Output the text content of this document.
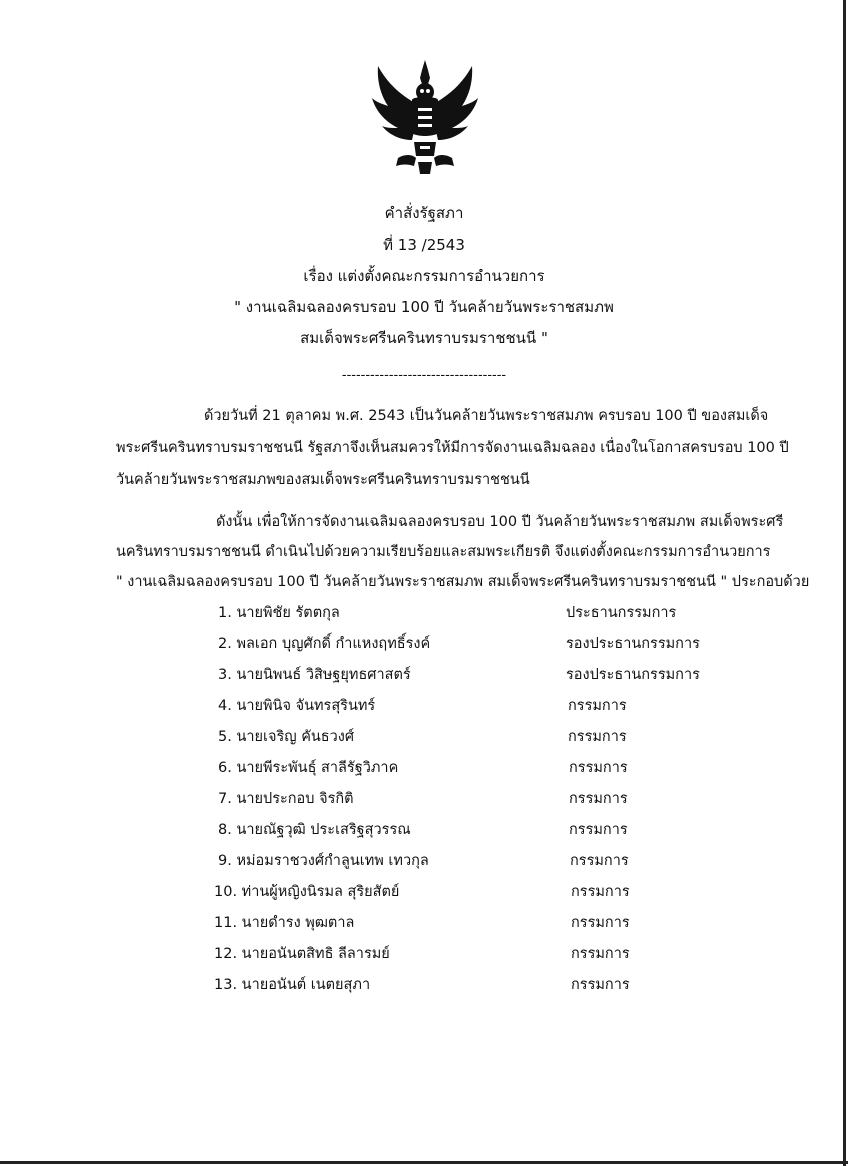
คำสั่งรัฐสภา
ที่ 13 /2543
เรื่อง แต่งตั้งคณะกรรมการอำนวยการ
" งานเฉลิมฉลองครบรอบ 100 ปี วันคล้ายวันพระราชสมภพ
สมเด็จพระศรีนครินทราบรมราชชนนี "
-----------------------------------
ด้วยวันที่ 21 ตุลาคม พ.ศ. 2543 เป็นวันคล้ายวันพระราชสมภพ ครบรอบ 100 ปี ของสมเด็จ
พระศรีนครินทราบรมราชชนนี รัฐสภาจึงเห็นสมควรให้มีการจัดงานเฉลิมฉลอง เนื่องในโอกาสครบรอบ 100 ปี
วันคล้ายวันพระราชสมภพของสมเด็จพระศรีนครินทราบรมราชชนนี
ดังนั้น เพื่อให้การจัดงานเฉลิมฉลองครบรอบ 100 ปี วันคล้ายวันพระราชสมภพ สมเด็จพระศรี
นครินทราบรมราชชนนี ดำเนินไปด้วยความเรียบร้อยและสมพระเกียรติ จึงแต่งตั้งคณะกรรมการอำนวยการ
" งานเฉลิมฉลองครบรอบ 100 ปี วันคล้ายวันพระราชสมภพ สมเด็จพระศรีนครินทราบรมราชชนนี " ประกอบด้วย
1. นายพิชัย รัตตกุล	ประธานกรรมการ
2. พลเอก บุญศักดิ์ กำแหงฤทธิ์รงค์	รองประธานกรรมการ
3. นายนิพนธ์ วิสิษฐยุทธศาสตร์	รองประธานกรรมการ
4. นายพินิจ จันทรสุรินทร์	กรรมการ
5. นายเจริญ คันธวงศ์	กรรมการ
6. นายพีระพันธุ์ สาลีรัฐวิภาค	กรรมการ
7. นายประกอบ จิรกิติ	กรรมการ
8. นายณัฐวุฒิ ประเสริฐสุวรรณ	กรรมการ
9. หม่อมราชวงศ์กำลูนเทพ เทวกุล	กรรมการ
10. ท่านผู้หญิงนิรมล สุริยสัตย์	กรรมการ
11. นายดำรง พุฒตาล	กรรมการ
12. นายอนันตสิทธิ ลีลารมย์	กรรมการ
13. นายอนันต์ เนตยสุภา	กรรมการ
